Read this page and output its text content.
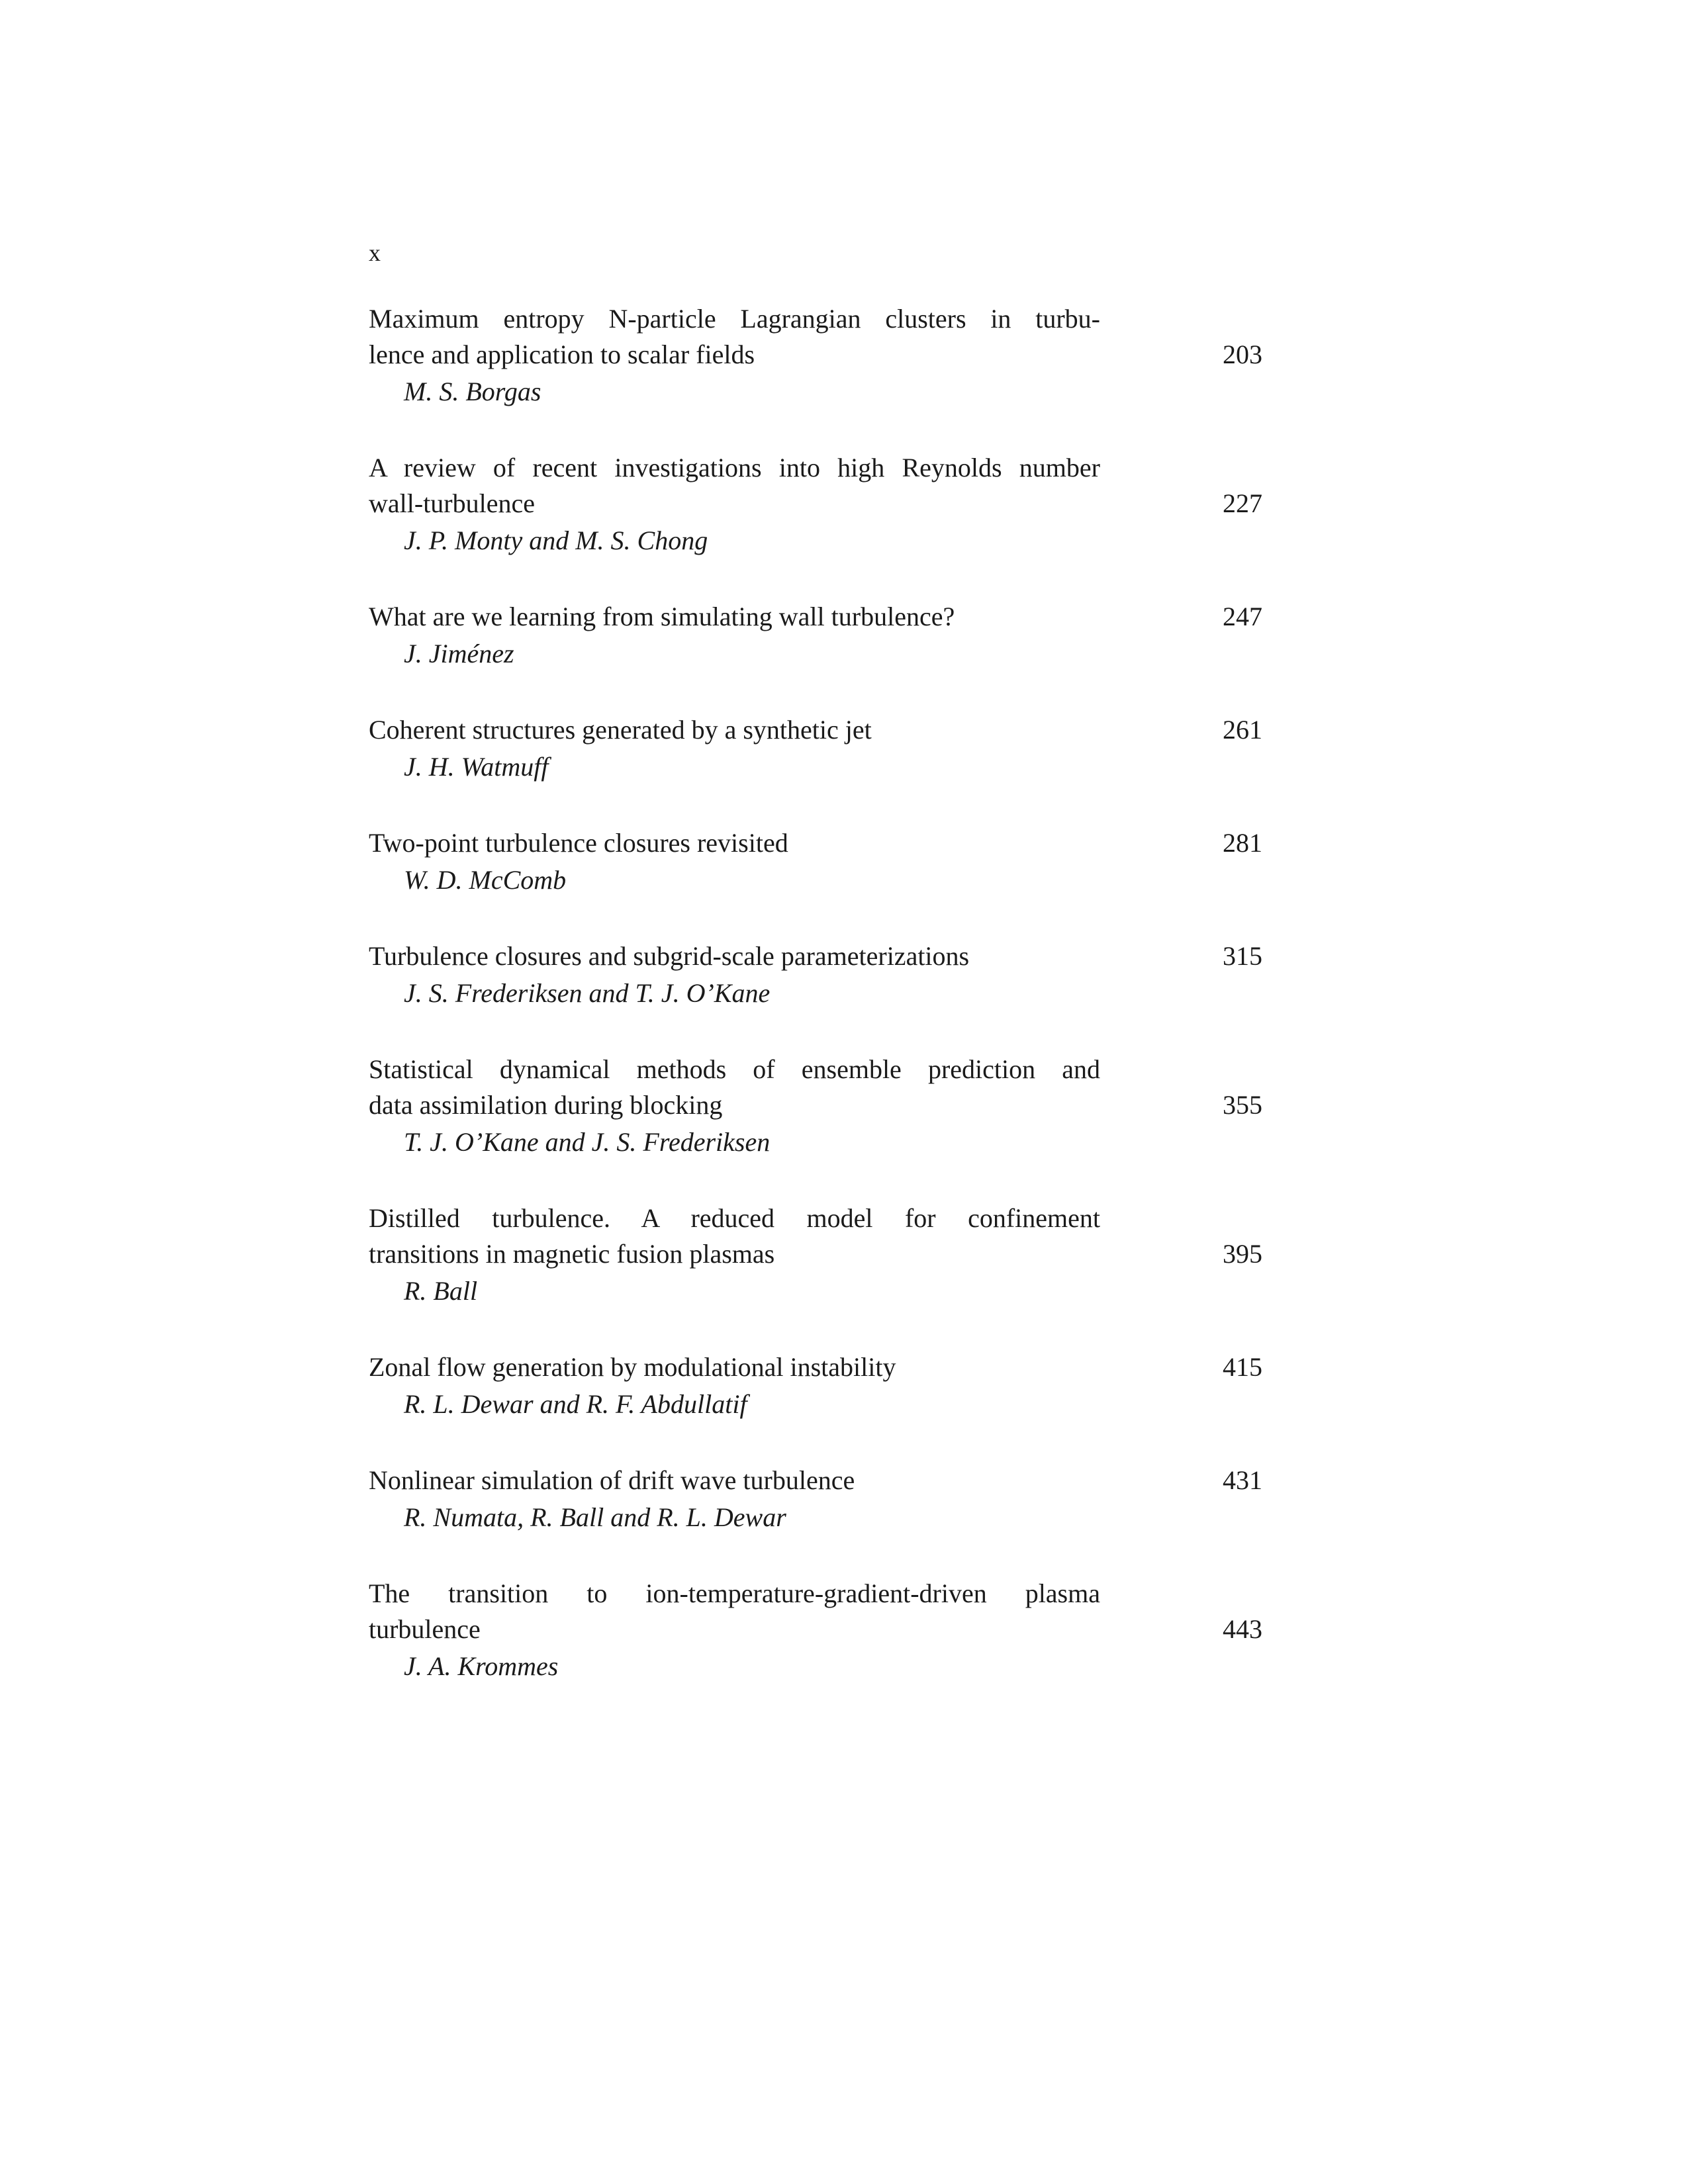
x
Maximum entropy N-particle Lagrangian clusters in turbu-
lence and application to scalar fields	203
M. S. Borgas
A review of recent investigations into high Reynolds number
wall-turbulence	227
J. P. Monty and M. S. Chong
What are we learning from simulating wall turbulence?	247
J. Jiménez
Coherent structures generated by a synthetic jet	261
J. H. Watmuff
Two-point turbulence closures revisited	281
W. D. McComb
Turbulence closures and subgrid-scale parameterizations	315
J. S. Frederiksen and T. J. O’Kane
Statistical dynamical methods of ensemble prediction and
data assimilation during blocking	355
T. J. O’Kane and J. S. Frederiksen
Distilled turbulence. A reduced model for confinement
transitions in magnetic fusion plasmas	395
R. Ball
Zonal flow generation by modulational instability	415
R. L. Dewar and R. F. Abdullatif
Nonlinear simulation of drift wave turbulence	431
R. Numata, R. Ball and R. L. Dewar
The transition to ion-temperature-gradient-driven plasma
turbulence	443
J. A. Krommes
